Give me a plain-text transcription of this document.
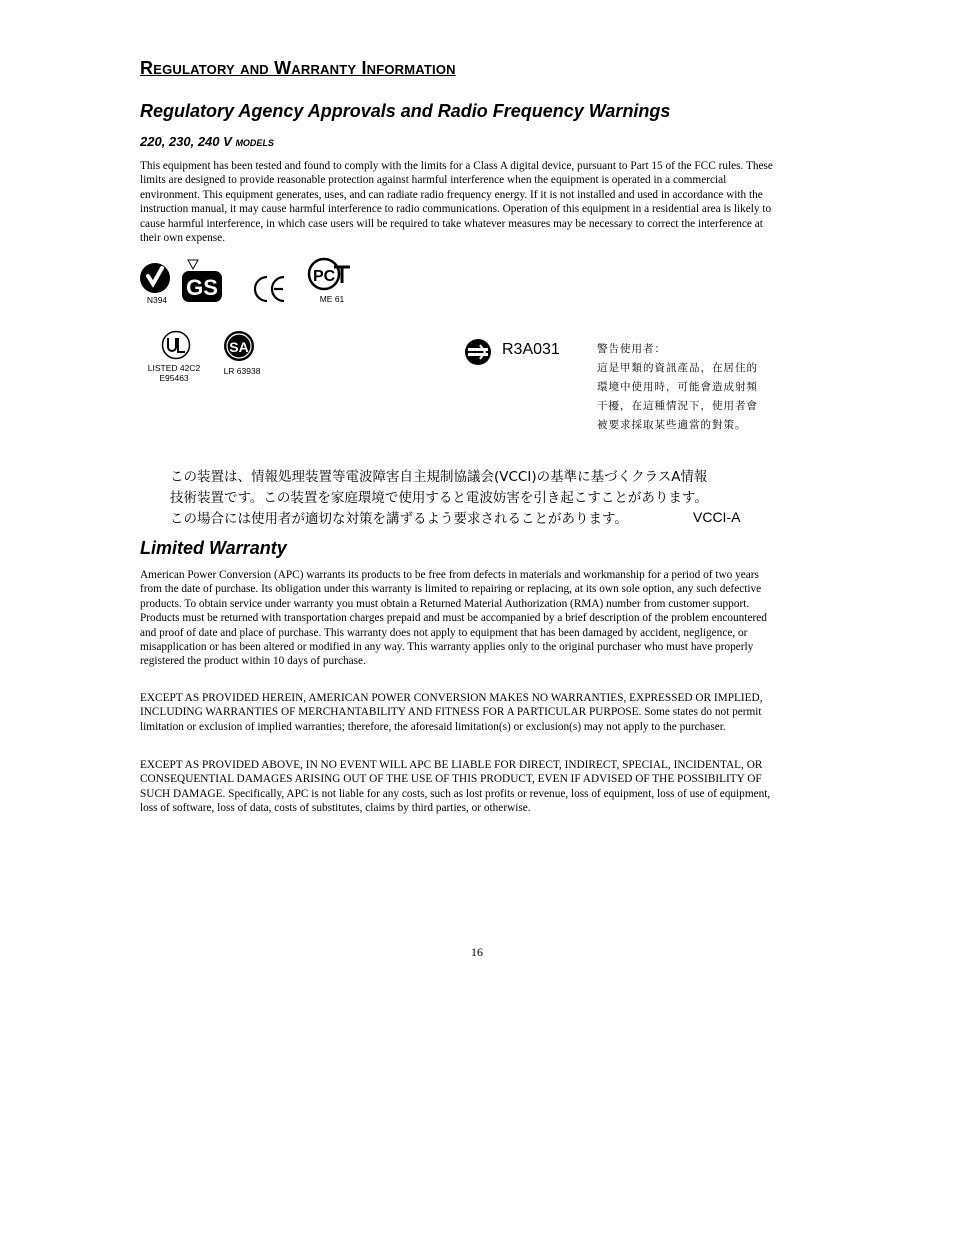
Regulatory and Warranty Information
Regulatory Agency Approvals and Radio Frequency Warnings
220, 230, 240 V models

This equipment has been tested and found to comply with the limits for a Class A digital device, pursuant to Part 15 of the FCC rules. These limits are designed to provide reasonable protection against harmful interference when the equipment is operated in a commercial environment. This equipment generates, uses, and can radiate radio frequency energy. If it is not installed and used in accordance with the instruction manual, it may cause harmful interference to radio communications. Operation of this equipment in a residential area is likely to cause harmful interference, in which case users will be required to take whatever measures may be necessary to correct the interference at their own expense.

N394 GS	PC
ME 61
LISTED 42C2
E95463
SA
LR 63938
R3A031	警告使用者：
這是甲類的資訊產品，在居住的
環境中使用時，可能會造成射頻
干擾，在這種情況下，使用者會
被要求採取某些適當的對策。
この装置は、情報処理装置等電波障害自主規制協議会(VCCI)の基準に基づくクラスA情報
技術装置です。この装置を家庭環境で使用すると電波妨害を引き起こすことがあります。
この場合には使用者が適切な対策を講ずるよう要求されることがあります。	VCCI-A
Limited Warranty

American Power Conversion (APC) warrants its products to be free from defects in materials and workmanship for a period of two years from the date of purchase. Its obligation under this warranty is limited to repairing or replacing, at its own sole option, any such defective products. To obtain service under warranty you must obtain a Returned Material Authorization (RMA) number from customer support. Products must be returned with transportation charges prepaid and must be accompanied by a brief description of the problem encountered and proof of date and place of purchase. This warranty does not apply to equipment that has been damaged by accident, negligence, or misapplication or has been altered or modified in any way. This warranty applies only to the original purchaser who must have properly registered the product within 10 days of purchase.

EXCEPT AS PROVIDED HEREIN, AMERICAN POWER CONVERSION MAKES NO WARRANTIES, EXPRESSED OR IMPLIED, INCLUDING WARRANTIES OF MERCHANTABILITY AND FITNESS FOR A PARTICULAR PURPOSE. Some states do not permit limitation or exclusion of implied warranties; therefore, the aforesaid limitation(s) or exclusion(s) may not apply to the purchaser.

EXCEPT AS PROVIDED ABOVE, IN NO EVENT WILL APC BE LIABLE FOR DIRECT, INDIRECT, SPECIAL, INCIDENTAL, OR CONSEQUENTIAL DAMAGES ARISING OUT OF THE USE OF THIS PRODUCT, EVEN IF ADVISED OF THE POSSIBILITY OF SUCH DAMAGE. Specifically, APC is not liable for any costs, such as lost profits or revenue, loss of equipment, loss of use of equipment, loss of software, loss of data, costs of substitutes, claims by third parties, or otherwise.

16
